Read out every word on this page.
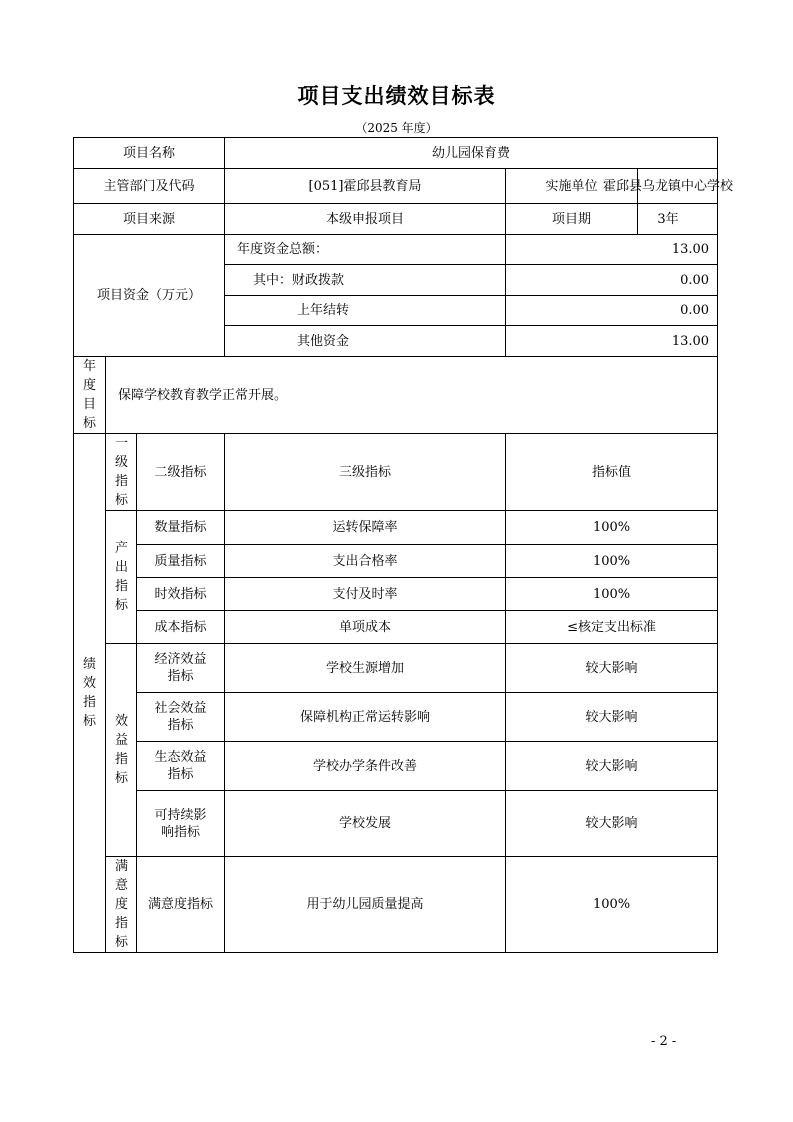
项目支出绩效目标表
（2025 年度）
项目名称			幼儿园保育费		
主管部门及代码			[051]霍邱县教育局	实施单位	霍邱县乌龙镇中心学校
项目来源			本级申报项目	项目期	3年

项目资金（万元）			年度资金总额：	13.00	
			其中：财政拨款	0.00	
			上年结转	0.00	
			其他资金	13.00	
年度目标	保障学校教育教学正常开展。				
绩效指标	一级指标	二级指标	三级指标	指标值	
	产出指标	数量指标	运转保障率	100%	
		质量指标	支出合格率	100%	
		时效指标	支付及时率	100%	
		成本指标	单项成本	≤核定支出标准	
	效益指标	经济效益指标	学校生源增加	较大影响	
		社会效益指标	保障机构正常运转影响	较大影响	
		生态效益指标	学校办学条件改善	较大影响	
		可持续影响指标	学校发展	较大影响	
	满意度指标	满意度指标	用于幼儿园质量提高	100%	
- 2 -
